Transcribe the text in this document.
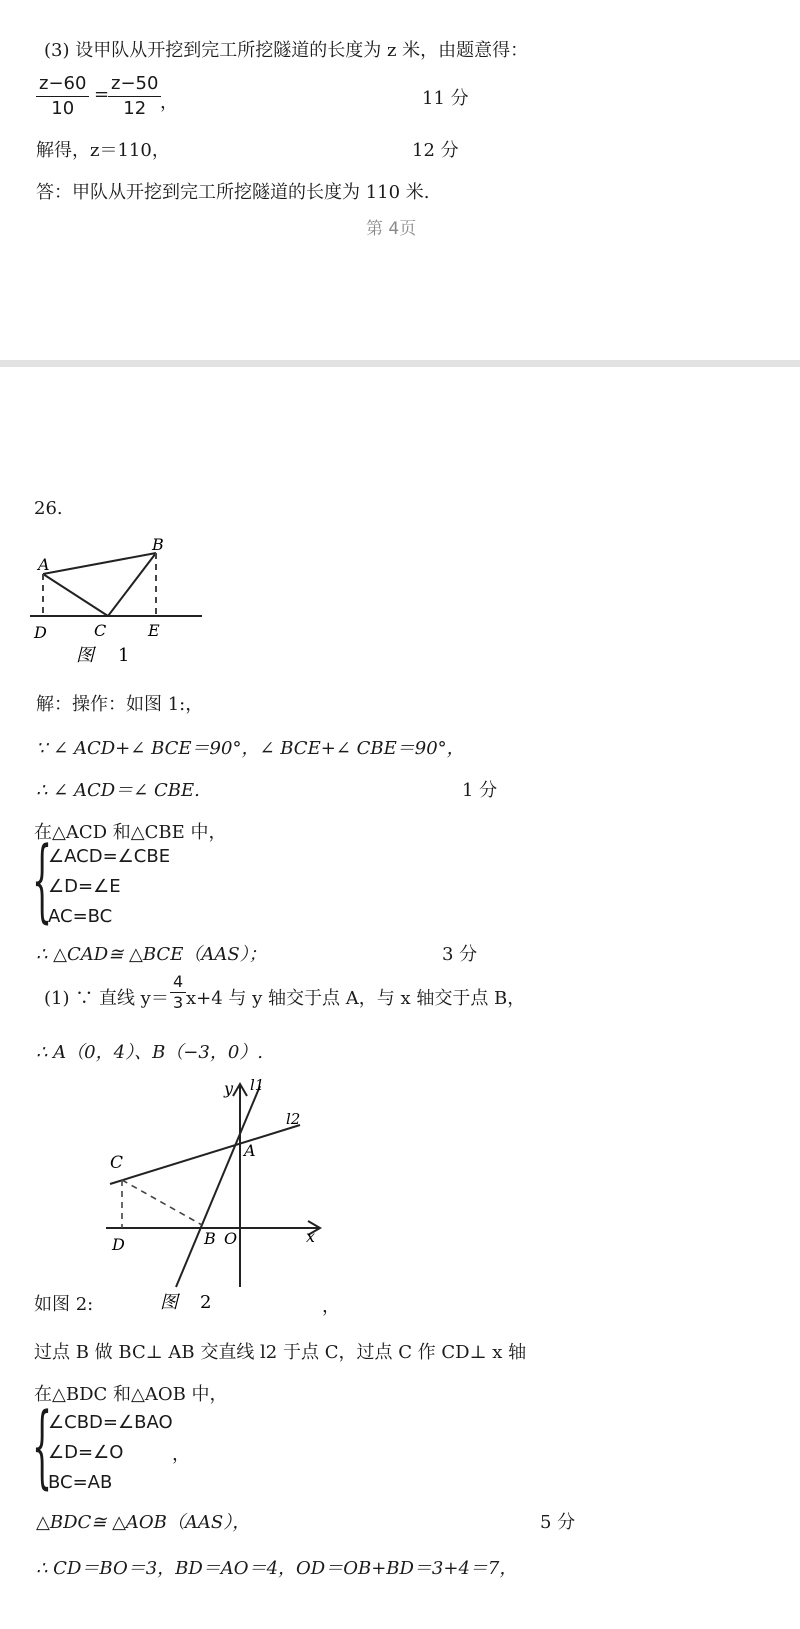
(3) 设甲队从开挖到完工所挖隧道的长度为 z 米，由题意得：
$\frac{z-60}{10}$ =
$\frac{z-50}{12}$
，	11 分
解得，z＝110，	12 分
答：甲队从开挖到完工所挖隧道的长度为 110 米.
第 4页
26.
A
B
C
D	E
图 1
解：操作：如图 1:，
∵ ∠ ACD+∠ BCE＝90°，∠ BCE+∠ CBE＝90°，
∴ ∠ ACD＝∠ CBE.	1 分
在△ACD 和△CBE 中，
{
∠ACD=∠CBE
∠D=∠E
AC=BC
∴ △CAD≅ △BCE（AAS）；	3 分
(1) ∵ 直线 $y= \frac{4}{3} x+4$ 与 y 轴交于点 A，与 x 轴交于点 B，
∴ A（0，4）、B（−3，0）.
y l1
l2
A
C
D	B O	x
图 2
如图 2:	，
过点 B 做 BC⊥ AB 交直线 l2 于点 C，过点 C 作 CD⊥ x 轴
在△BDC 和△AOB 中，
{
∠CBD=∠BAO
∠D=∠O
BC=AB
，
△BDC≅ △AOB（AAS），	5 分
∴ CD＝BO＝3，BD＝AO＝4，OD＝OB+BD＝3+4＝7，
